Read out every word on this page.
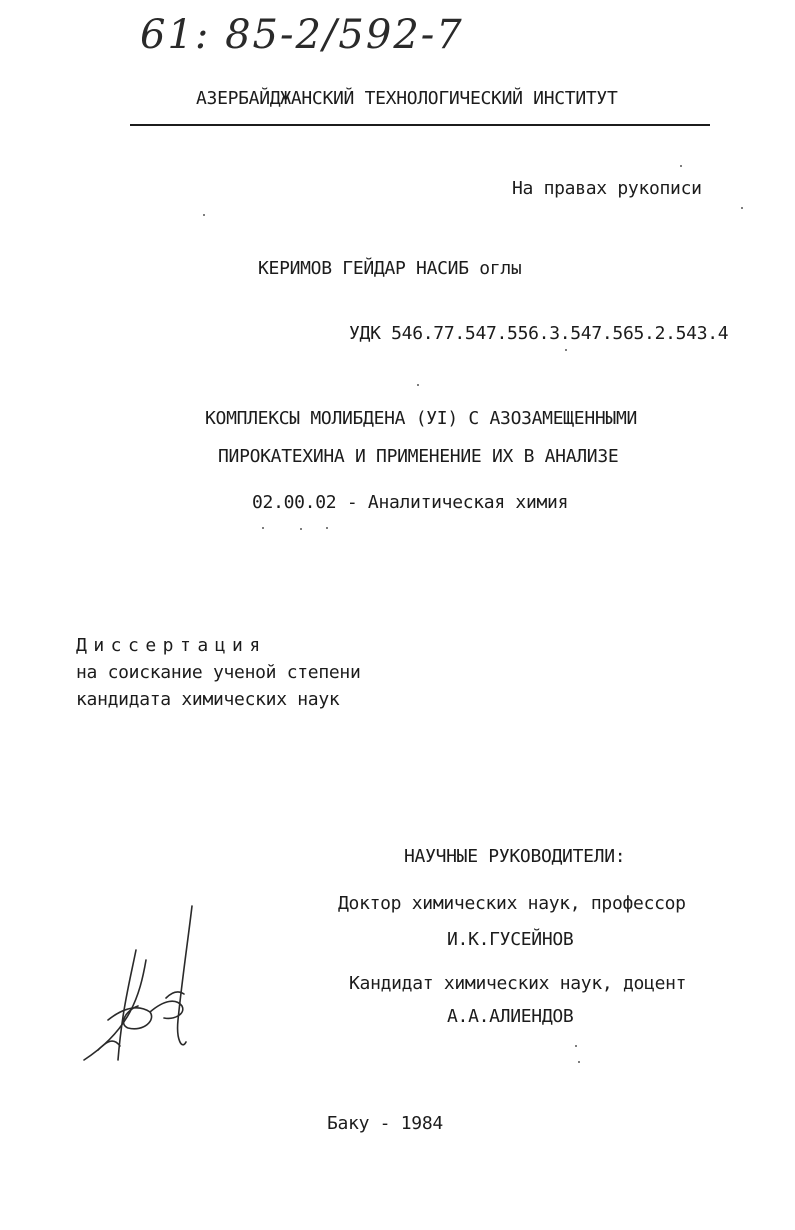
61: 85-2/592-7
АЗЕРБАЙДЖАНСКИЙ ТЕХНОЛОГИЧЕСКИЙ ИНСТИТУТ
На правах рукописи
КЕРИМОВ ГЕЙДАР НАСИБ оглы
УДК 546.77.547.556.3.547.565.2.543.4
КОМПЛЕКСЫ МОЛИБДЕНА (УI) С АЗОЗАМЕЩЕННЫМИ
ПИРОКАТЕХИНА И ПРИМЕНЕНИЕ ИХ В АНАЛИЗЕ
02.00.02 - Аналитическая химия
Диссертация
на соискание ученой степени
кандидата химических наук
НАУЧНЫЕ РУКОВОДИТЕЛИ:
Доктор химических наук, профессор
И.К.ГУСЕЙНОВ
Кандидат химических наук, доцент
А.А.АЛИЕНДОВ
Баку - 1984
